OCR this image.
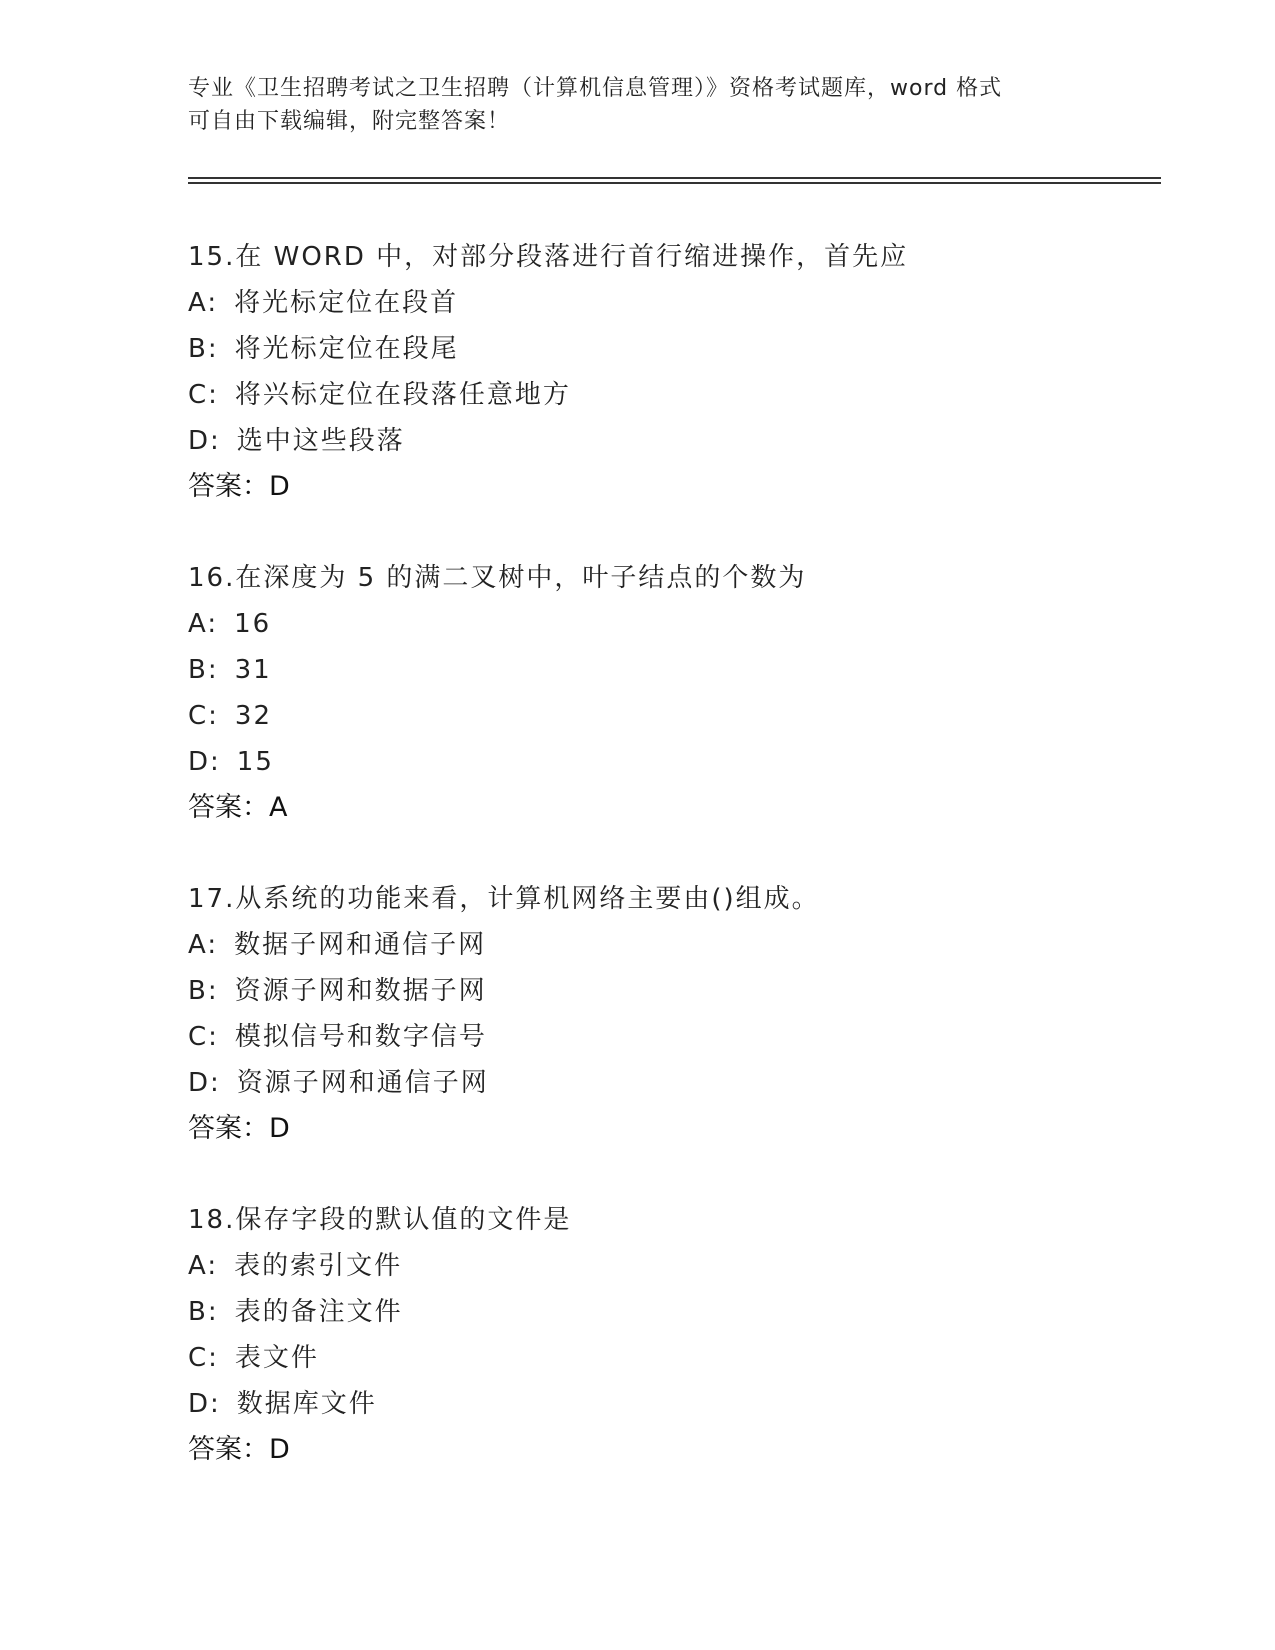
专业《卫生招聘考试之卫生招聘（计算机信息管理）》资格考试题库，word 格式
可自由下载编辑，附完整答案！
15.在 WORD 中，对部分段落进行首行缩进操作，首先应
A: 将光标定位在段首
B: 将光标定位在段尾
C: 将兴标定位在段落任意地方
D: 选中这些段落
答案：D
16.在深度为 5 的满二叉树中，叶子结点的个数为
A: 16
B: 31
C: 32
D: 15
答案：A
17.从系统的功能来看，计算机网络主要由()组成。
A: 数据子网和通信子网
B: 资源子网和数据子网
C: 模拟信号和数字信号
D: 资源子网和通信子网
答案：D
18.保存字段的默认值的文件是
A: 表的索引文件
B: 表的备注文件
C: 表文件
D: 数据库文件
答案：D
